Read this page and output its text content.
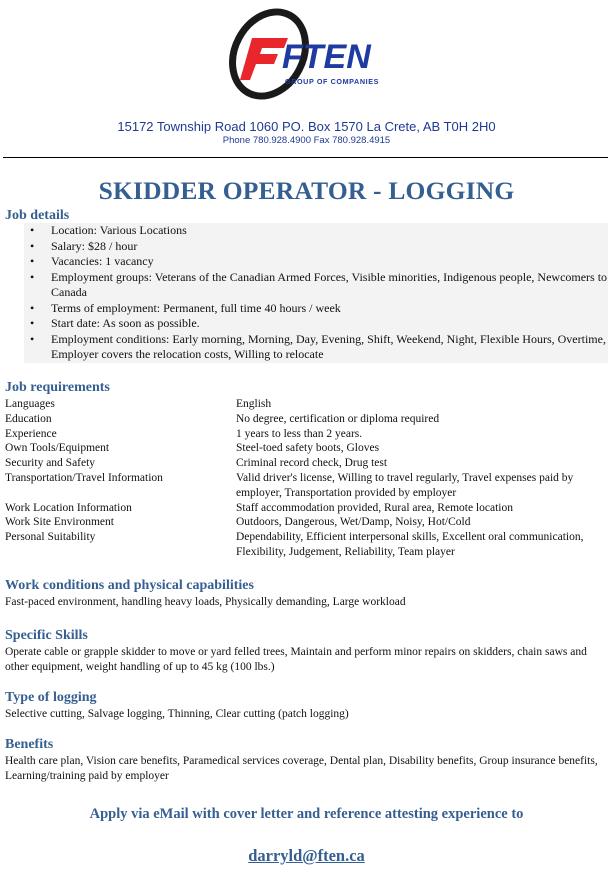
FTEN
GROUP OF COMPANIES
15172 Township Road 1060 PO. Box 1570 La Crete, AB T0H 2H0
Phone 780.928.4900 Fax 780.928.4915
SKIDDER OPERATOR - LOGGING
Job details
• Location: Various Locations
• Salary: $28 / hour
• Vacancies: 1 vacancy
• Employment groups: Veterans of the Canadian Armed Forces, Visible minorities, Indigenous people, Newcomers to Canada
• Terms of employment: Permanent, full time 40 hours / week
• Start date: As soon as possible.
• Employment conditions: Early morning, Morning, Day, Evening, Shift, Weekend, Night, Flexible Hours, Overtime, Employer covers the relocation costs, Willing to relocate
Job requirements
Languages	English
Education	No degree, certification or diploma required
Experience	1 years to less than 2 years.
Own Tools/Equipment	Steel-toed safety boots, Gloves
Security and Safety	Criminal record check, Drug test
Transportation/Travel Information	Valid driver's license, Willing to travel regularly, Travel expenses paid by employer, Transportation provided by employer
Work Location Information	Staff accommodation provided, Rural area, Remote location
Work Site Environment	Outdoors, Dangerous, Wet/Damp, Noisy, Hot/Cold
Personal Suitability	Dependability, Efficient interpersonal skills, Excellent oral communication, Flexibility, Judgement, Reliability, Team player
Work conditions and physical capabilities
Fast-paced environment, handling heavy loads, Physically demanding, Large workload
Specific Skills
Operate cable or grapple skidder to move or yard felled trees, Maintain and perform minor repairs on skidders, chain saws and other equipment, weight handling of up to 45 kg (100 lbs.)
Type of logging
Selective cutting, Salvage logging, Thinning, Clear cutting (patch logging)
Benefits
Health care plan, Vision care benefits, Paramedical services coverage, Dental plan, Disability benefits, Group insurance benefits, Learning/training paid by employer
Apply via eMail with cover letter and reference attesting experience to
darryld@ften.ca
